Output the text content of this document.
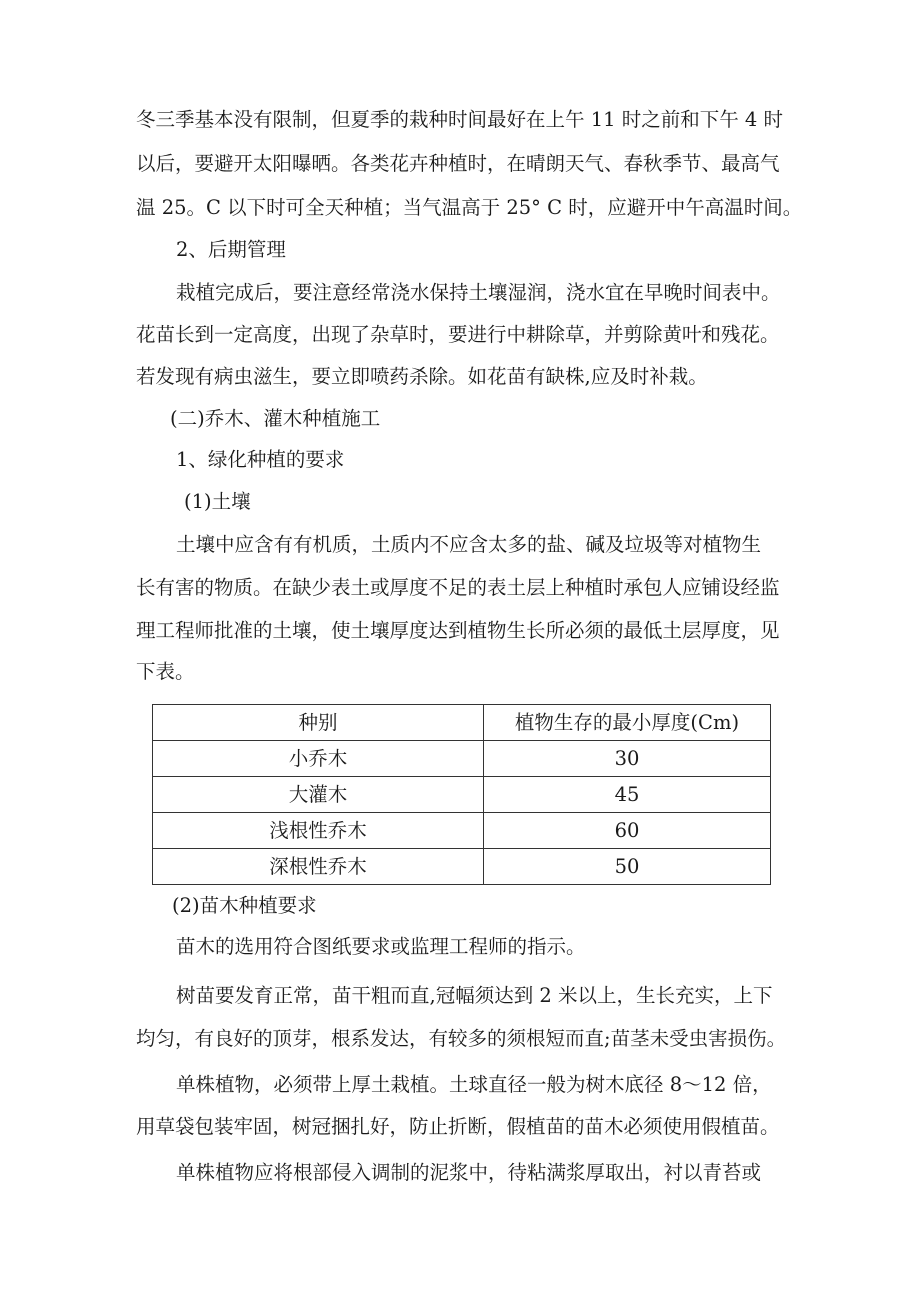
冬三季基本没有限制，但夏季的栽种时间最好在上午 11 时之前和下午 4 时
以后，要避开太阳曝晒。各类花卉种植时，在晴朗天气、春秋季节、最高气
温 25。C 以下时可全天种植；当气温高于 25° C 时，应避开中午高温时间。
2、后期管理
栽植完成后，要注意经常浇水保持土壤湿润，浇水宜在早晚时间表中。
花苗长到一定高度，出现了杂草时，要进行中耕除草，并剪除黄叶和残花。
若发现有病虫滋生，要立即喷药杀除。如花苗有缺株,应及时补栽。
(二)乔木、灌木种植施工
1、绿化种植的要求
(1)土壤
土壤中应含有有机质，土质内不应含太多的盐、碱及垃圾等对植物生
长有害的物质。在缺少表土或厚度不足的表土层上种植时承包人应铺设经监
理工程师批准的土壤，使土壤厚度达到植物生长所必须的最低土层厚度，见
下表。
种别	植物生存的最小厚度(Cm)
小乔木	30
大灌木	45
浅根性乔木	60
深根性乔木	50
(2)苗木种植要求
苗木的选用符合图纸要求或监理工程师的指示。
树苗要发育正常，苗干粗而直,冠幅须达到 2 米以上，生长充实，上下
均匀，有良好的顶芽，根系发达，有较多的须根短而直;苗茎未受虫害损伤。
单株植物，必须带上厚土栽植。土球直径一般为树木底径 8～12 倍，
用草袋包装牢固，树冠捆扎好，防止折断，假植苗的苗木必须使用假植苗。
单株植物应将根部侵入调制的泥浆中，待粘满浆厚取出，衬以青苔或
